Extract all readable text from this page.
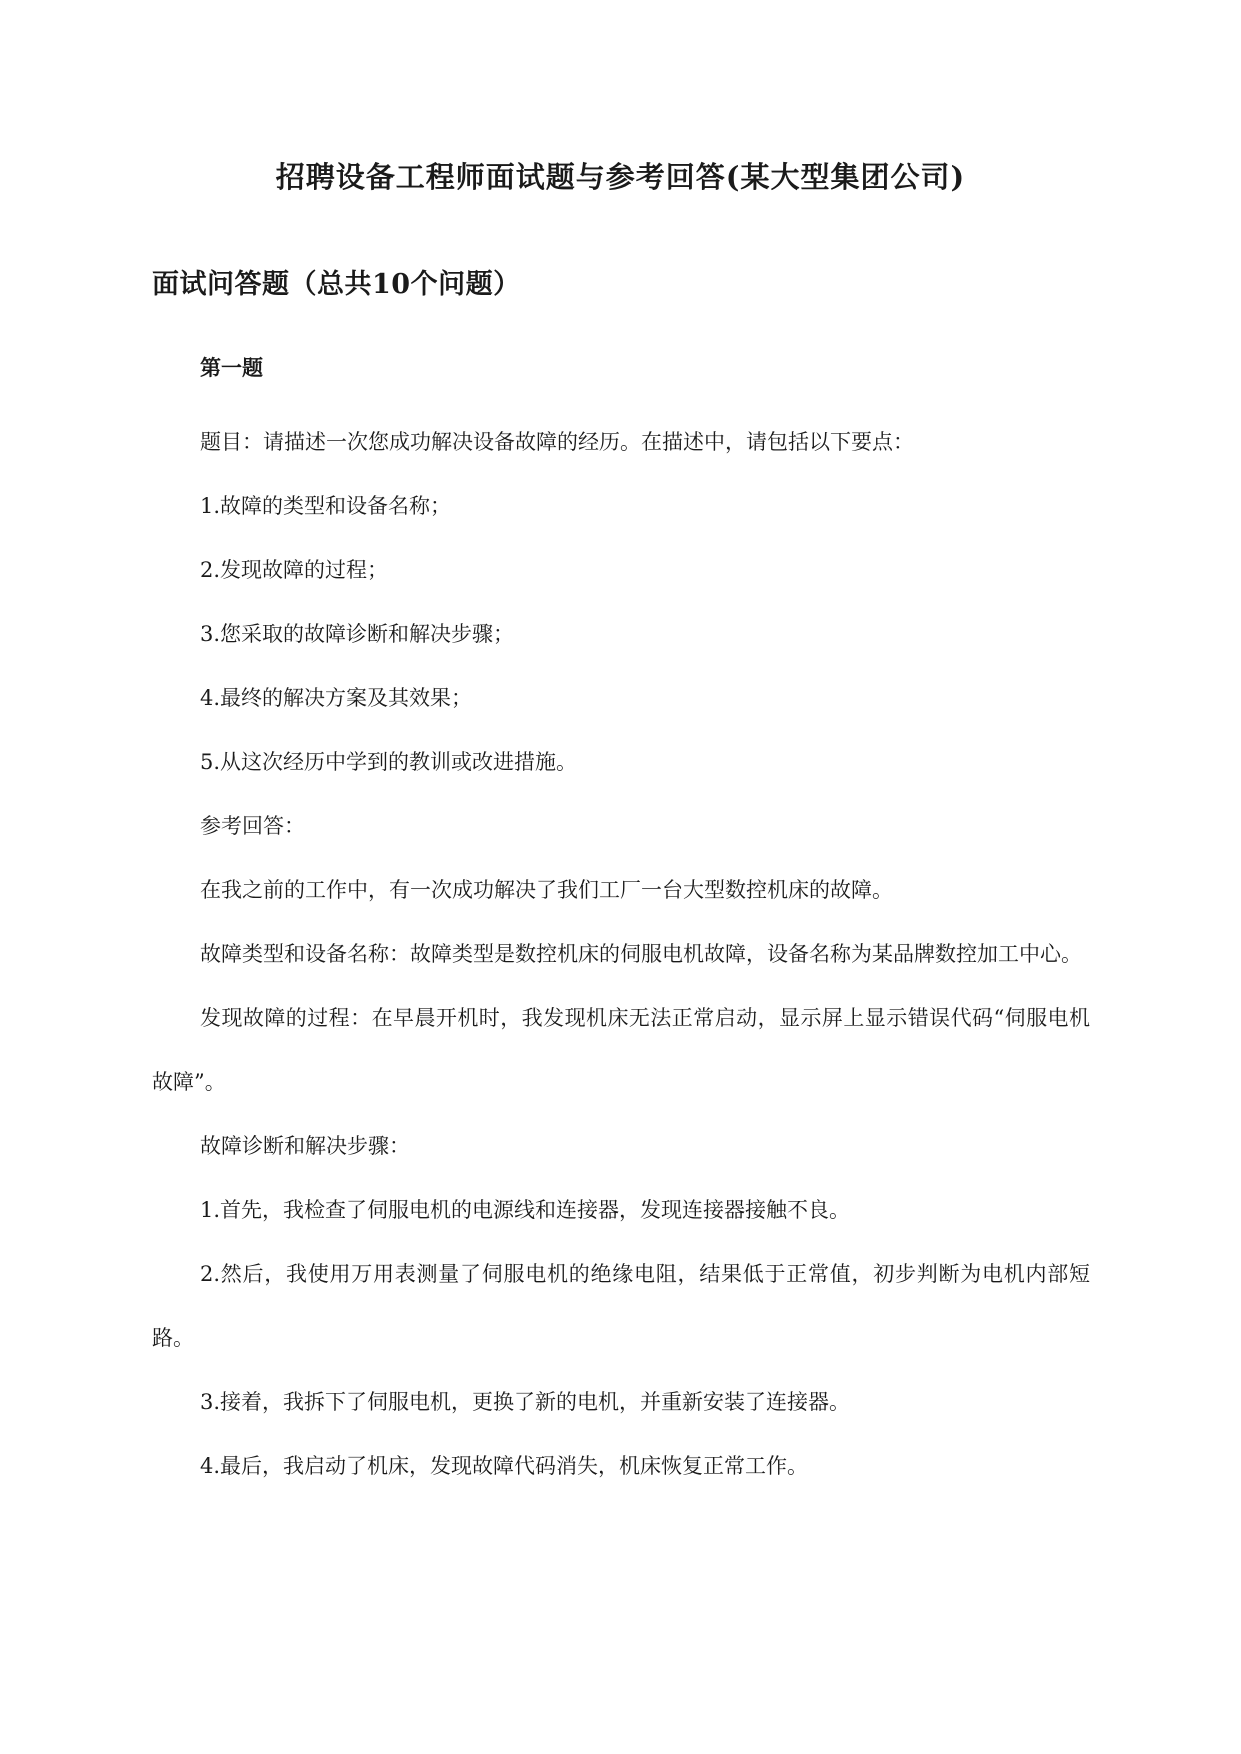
招聘设备工程师面试题与参考回答(某大型集团公司)
面试问答题（总共10个问题）
第一题

题目：请描述一次您成功解决设备故障的经历。在描述中，请包括以下要点：

1.故障的类型和设备名称；

2.发现故障的过程；

3.您采取的故障诊断和解决步骤；

4.最终的解决方案及其效果；

5.从这次经历中学到的教训或改进措施。

参考回答：

在我之前的工作中，有一次成功解决了我们工厂一台大型数控机床的故障。

故障类型和设备名称：故障类型是数控机床的伺服电机故障，设备名称为某品牌数控加工中心。

发现故障的过程：在早晨开机时，我发现机床无法正常启动，显示屏上显示错误代码“伺服电机故障”。

故障诊断和解决步骤：

1.首先，我检查了伺服电机的电源线和连接器，发现连接器接触不良。

2.然后，我使用万用表测量了伺服电机的绝缘电阻，结果低于正常值，初步判断为电机内部短路。

3.接着，我拆下了伺服电机，更换了新的电机，并重新安装了连接器。

4.最后，我启动了机床，发现故障代码消失，机床恢复正常工作。
